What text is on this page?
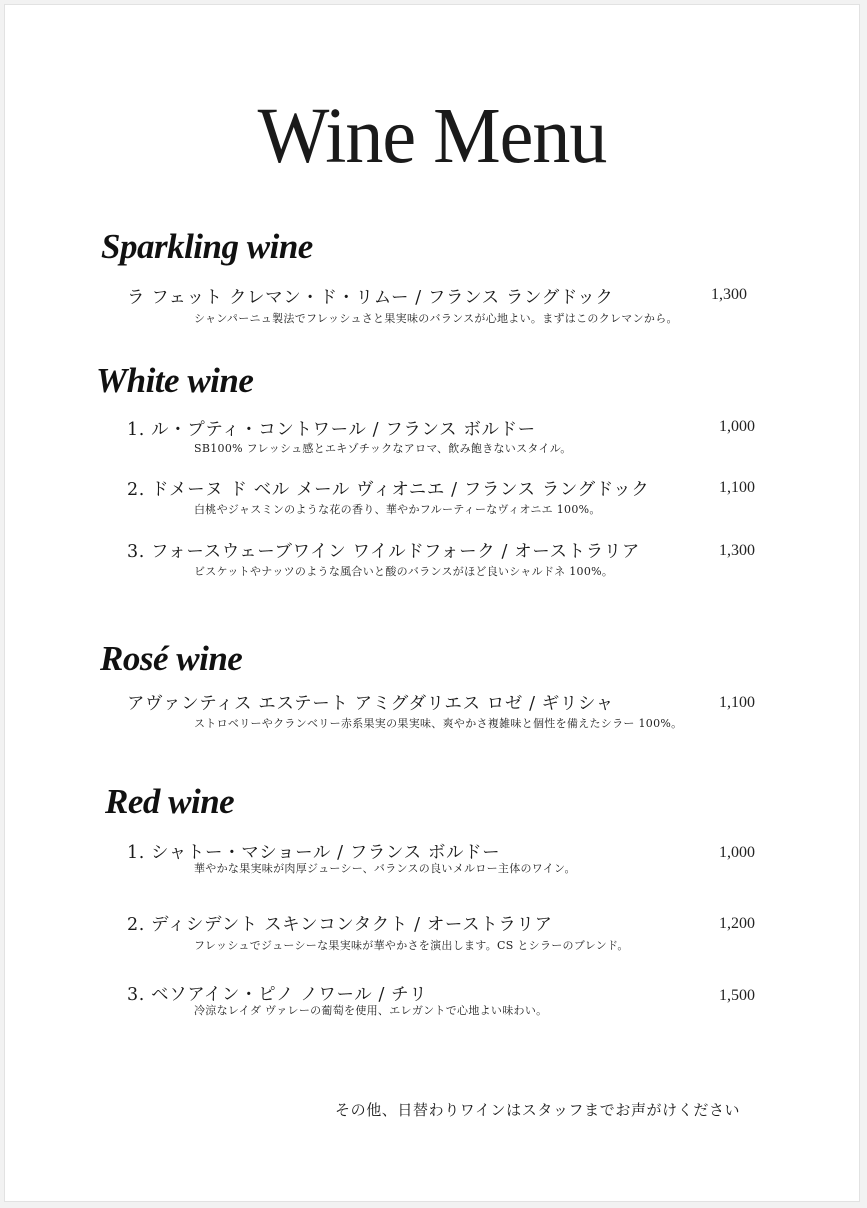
Wine Menu
Sparkling wine
ラ フェット クレマン・ド・リムー / フランス ラングドック	1,300
シャンパーニュ製法でフレッシュさと果実味のバランスが心地よい。まずはこのクレマンから。
White wine
1. ル・プティ・コントワール / フランス ボルドー	1,000
SB100% フレッシュ感とエキゾチックなアロマ、飲み飽きないスタイル。
2. ドメーヌ ド ベル メール ヴィオニエ / フランス ラングドック	1,100
白桃やジャスミンのような花の香り、華やかフルーティーなヴィオニエ 100%。
3. フォースウェーブワイン ワイルドフォーク / オーストラリア	1,300
ビスケットやナッツのような風合いと酸のバランスがほど良いシャルドネ 100%。
Rosé wine
アヴァンティス エステート アミグダリエス ロゼ / ギリシャ	1,100
ストロベリーやクランベリー赤系果実の果実味、爽やかさ複雑味と個性を備えたシラー 100%。
Red wine
1. シャトー・マショール / フランス ボルドー	1,000
華やかな果実味が肉厚ジューシー、バランスの良いメルロー主体のワイン。
2. ディシデント スキンコンタクト / オーストラリア	1,200
フレッシュでジューシーな果実味が華やかさを演出します。CS とシラーのブレンド。
3. ベソアイン・ピノ ノワール / チリ	1,500
冷涼なレイダ ヴァレーの葡萄を使用、エレガントで心地よい味わい。
その他、日替わりワインはスタッフまでお声がけください
